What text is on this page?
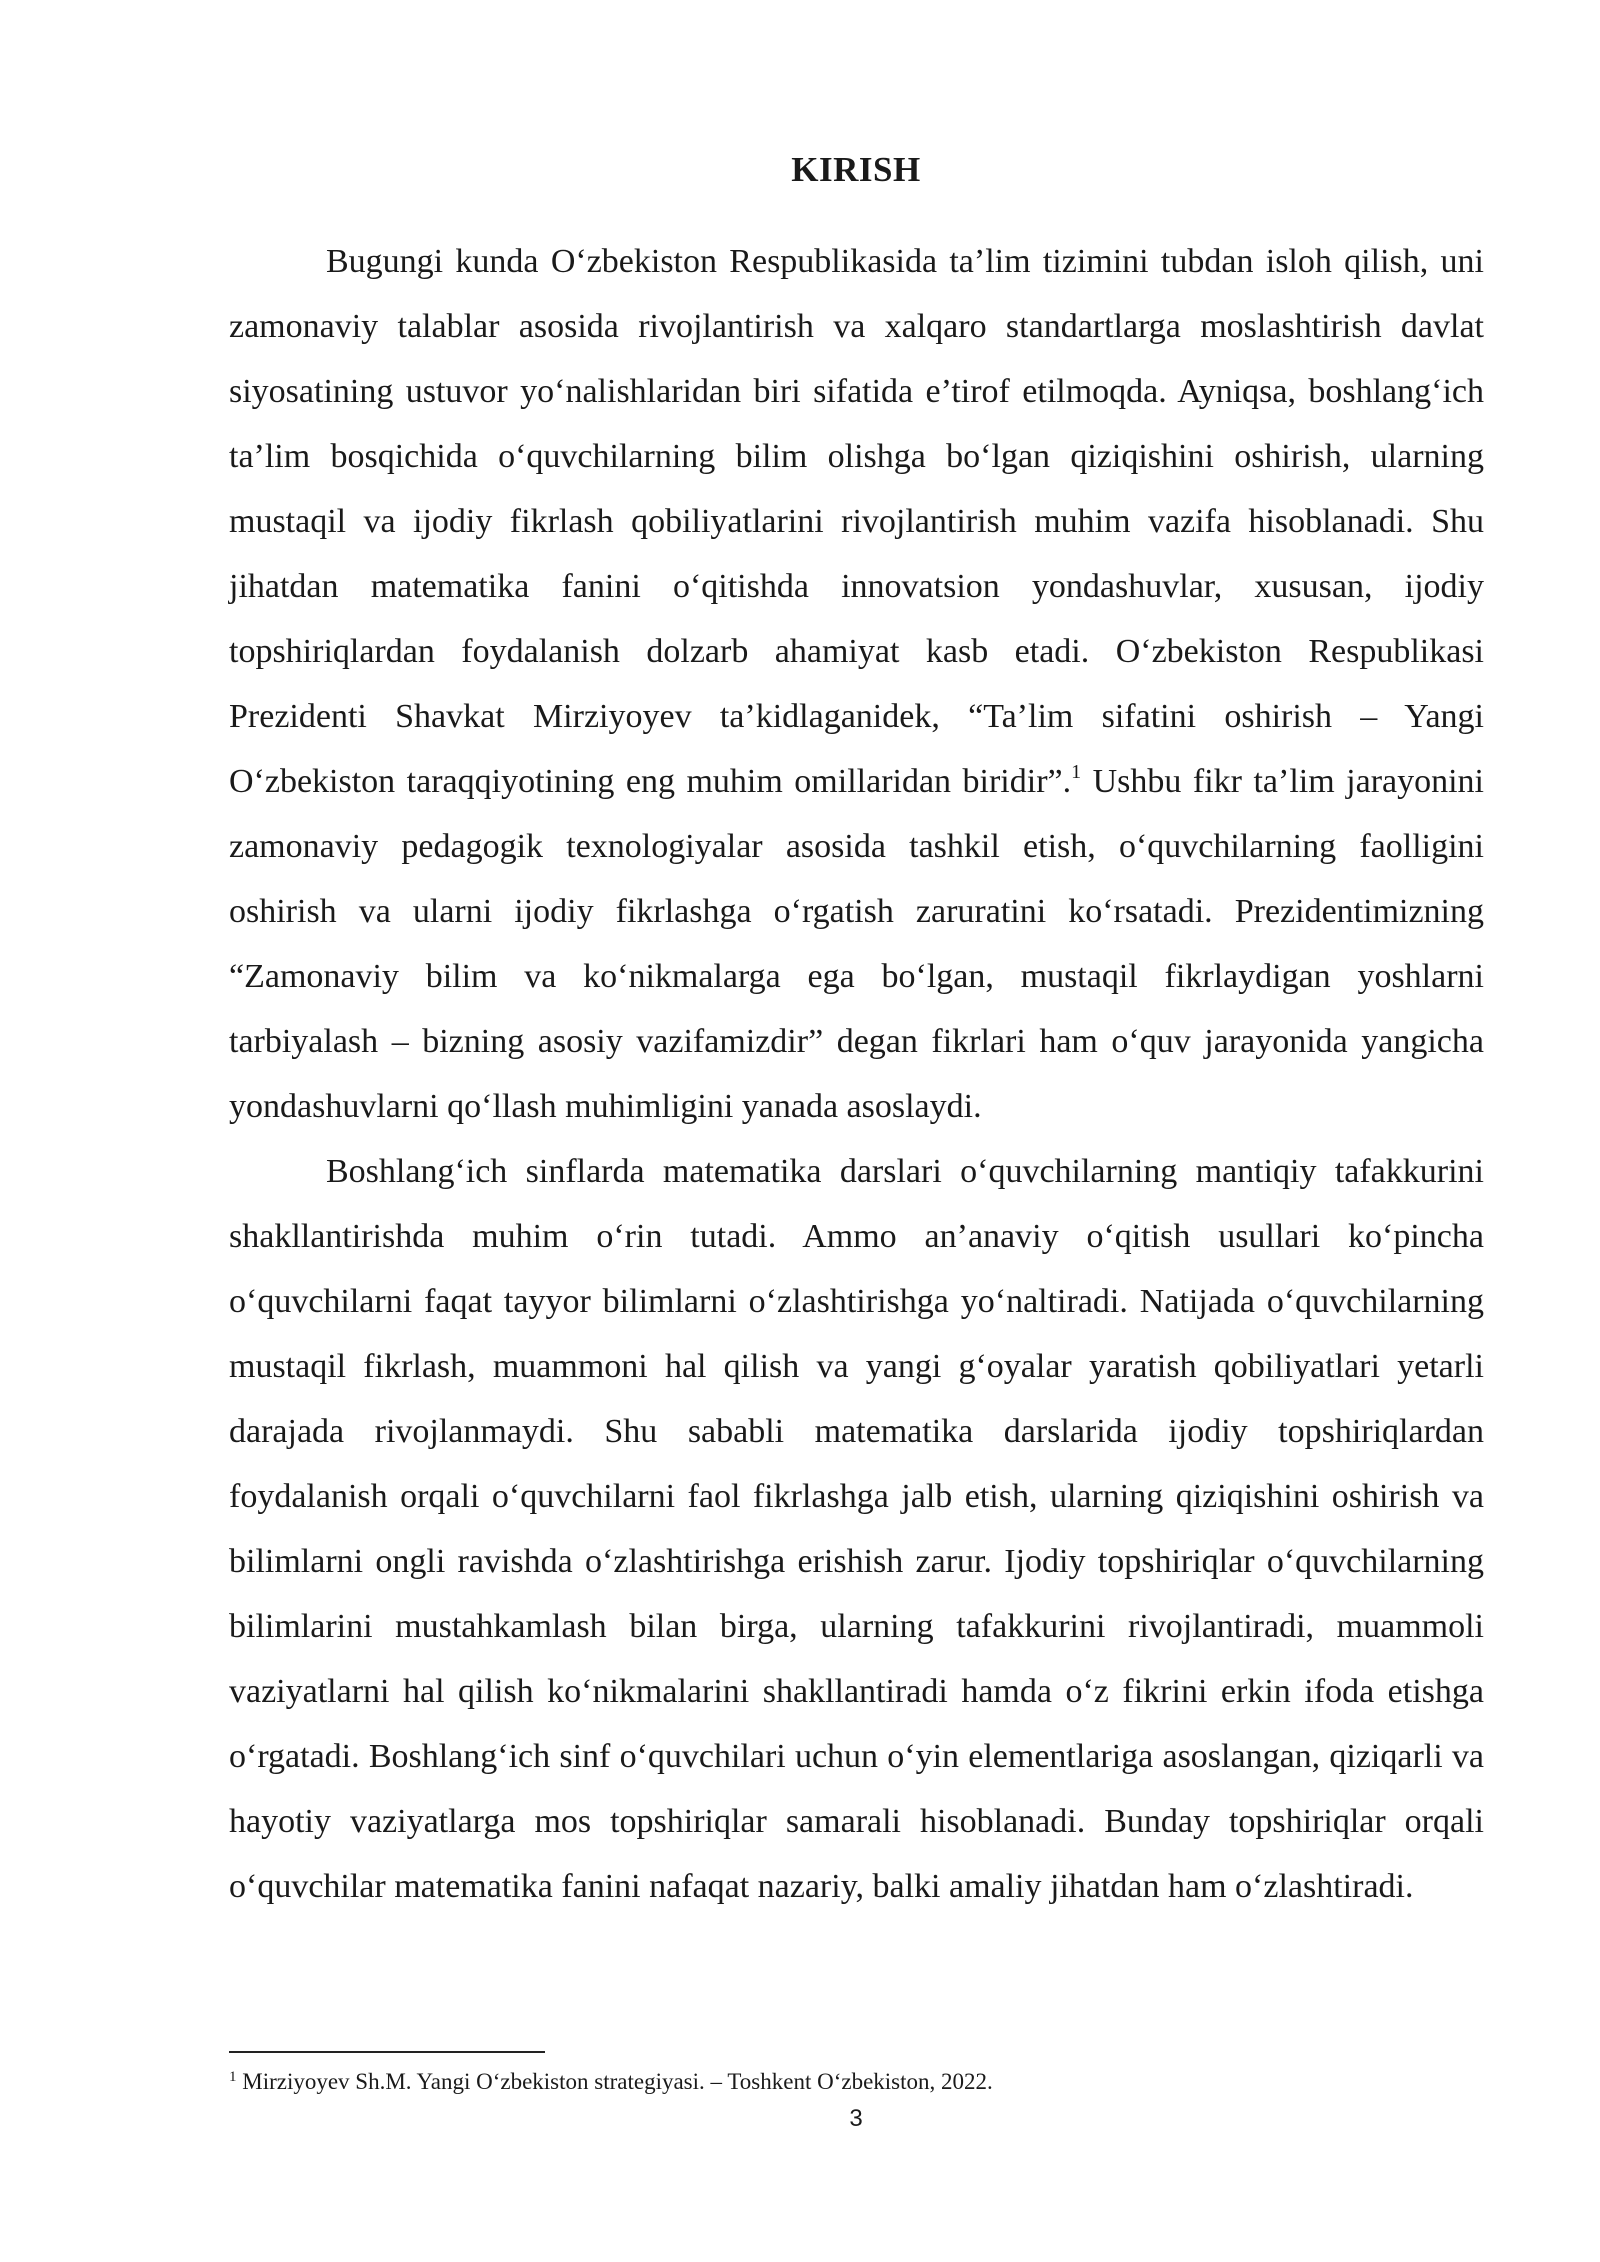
KIRISH

Bugungi kunda O‘zbekiston Respublikasida ta’lim tizimini tubdan isloh qilish, uni zamonaviy talablar asosida rivojlantirish va xalqaro standartlarga moslashtirish davlat siyosatining ustuvor yo‘nalishlaridan biri sifatida e’tirof etilmoqda. Ayniqsa, boshlang‘ich ta’lim bosqichida o‘quvchilarning bilim olishga bo‘lgan qiziqishini oshirish, ularning mustaqil va ijodiy fikrlash qobiliyatlarini rivojlantirish muhim vazifa hisoblanadi. Shu jihatdan matematika fanini o‘qitishda innovatsion yondashuvlar, xususan, ijodiy topshiriqlardan foydalanish dolzarb ahamiyat kasb etadi. O‘zbekiston Respublikasi Prezidenti Shavkat Mirziyoyev ta’kidlaganidek, “Ta’lim sifatini oshirish – Yangi O‘zbekiston taraqqiyotining eng muhim omillaridan biridir”.$^1$ Ushbu fikr ta’lim jarayonini zamonaviy pedagogik texnologiyalar asosida tashkil etish, o‘quvchilarning faolligini oshirish va ularni ijodiy fikrlashga o‘rgatish zaruratini ko‘rsatadi. Prezidentimizning “Zamonaviy bilim va ko‘nikmalarga ega bo‘lgan, mustaqil fikrlaydigan yoshlarni tarbiyalash – bizning asosiy vazifamizdir” degan fikrlari ham o‘quv jarayonida yangicha yondashuvlarni qo‘llash muhimligini yanada asoslaydi.

Boshlang‘ich sinflarda matematika darslari o‘quvchilarning mantiqiy tafakkurini shakllantirishda muhim o‘rin tutadi. Ammo an’anaviy o‘qitish usullari ko‘pincha o‘quvchilarni faqat tayyor bilimlarni o‘zlashtirishga yo‘naltiradi. Natijada o‘quvchilarning mustaqil fikrlash, muammoni hal qilish va yangi g‘oyalar yaratish qobiliyatlari yetarli darajada rivojlanmaydi. Shu sababli matematika darslarida ijodiy topshiriqlardan foydalanish orqali o‘quvchilarni faol fikrlashga jalb etish, ularning qiziqishini oshirish va bilimlarni ongli ravishda o‘zlashtirishga erishish zarur. Ijodiy topshiriqlar o‘quvchilarning bilimlarini mustahkamlash bilan birga, ularning tafakkurini rivojlantiradi, muammoli vaziyatlarni hal qilish ko‘nikmalarini shakllantiradi hamda o‘z fikrini erkin ifoda etishga o‘rgatadi. Boshlang‘ich sinf o‘quvchilari uchun o‘yin elementlariga asoslangan, qiziqarli va hayotiy vaziyatlarga mos topshiriqlar samarali hisoblanadi. Bunday topshiriqlar orqali o‘quvchilar matematika fanini nafaqat nazariy, balki amaliy jihatdan ham o‘zlashtiradi.

$^1$ Mirziyoyev Sh.M. Yangi O‘zbekiston strategiyasi. – Toshkent O‘zbekiston, 2022.
3
